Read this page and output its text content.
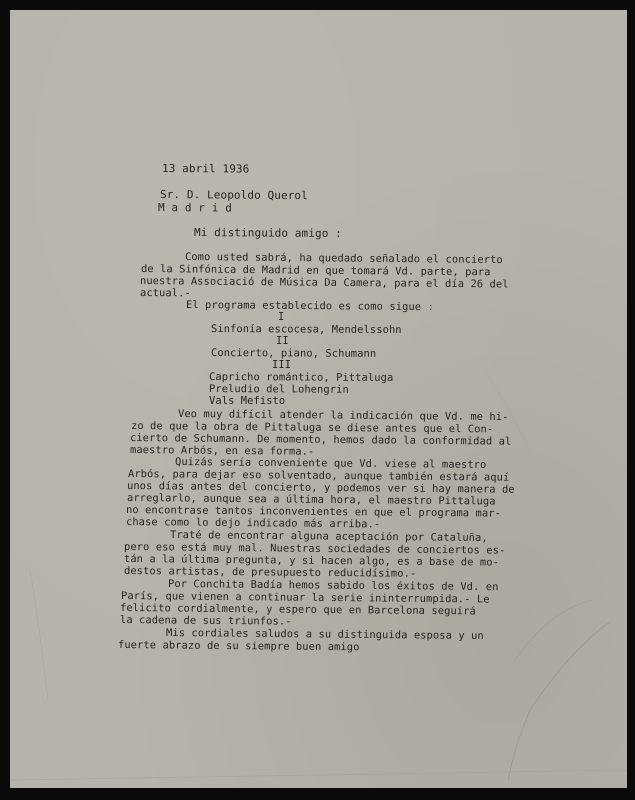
13 abril 1936
Sr. D. Leopoldo Querol
M a d r i d
Mi distinguido amigo :
Como usted sabrá, ha quedado señalado el concierto
de la Sinfónica de Madrid en que tomará Vd. parte, para
nuestra Associació de Música Da Camera, para el día 26 del
actual.-
El programa establecido es como sigue :
I
Sinfonía escocesa, Mendelssohn
II
Concierto, piano, Schumann
III
Capricho romántico, Pittaluga
Preludio del Lohengrin
Vals Mefisto
Veo muy difícil atender la indicación que Vd. me hi-
zo de que la obra de Pittaluga se diese antes que el Con-
cierto de Schumann. De momento, hemos dado la conformidad al
maestro Arbós, en esa forma.-
Quizás sería conveniente que Vd. viese al maestro
Arbós, para dejar eso solventado, aunque también estará aquí
unos días antes del concierto, y podemos ver si hay manera de
arreglarlo, aunque sea a última hora, el maestro Pittaluga
no encontrase tantos inconvenientes en que el programa mar-
chase como lo dejo indicado más arriba.-
Traté de encontrar alguna aceptación por Cataluña,
pero eso está muy mal. Nuestras sociedades de conciertos es-
tán a la última pregunta, y si hacen algo, es a base de mo-
destos artistas, de presupuesto reducidísimo.-
Por Conchita Badía hemos sabido los éxitos de Vd. en
París, que vienen a continuar la serie ininterrumpida.- Le
felicito cordialmente, y espero que en Barcelona seguirá
la cadena de sus triunfos.-
Mis cordiales saludos a su distinguida esposa y un
fuerte abrazo de su siempre buen amigo
